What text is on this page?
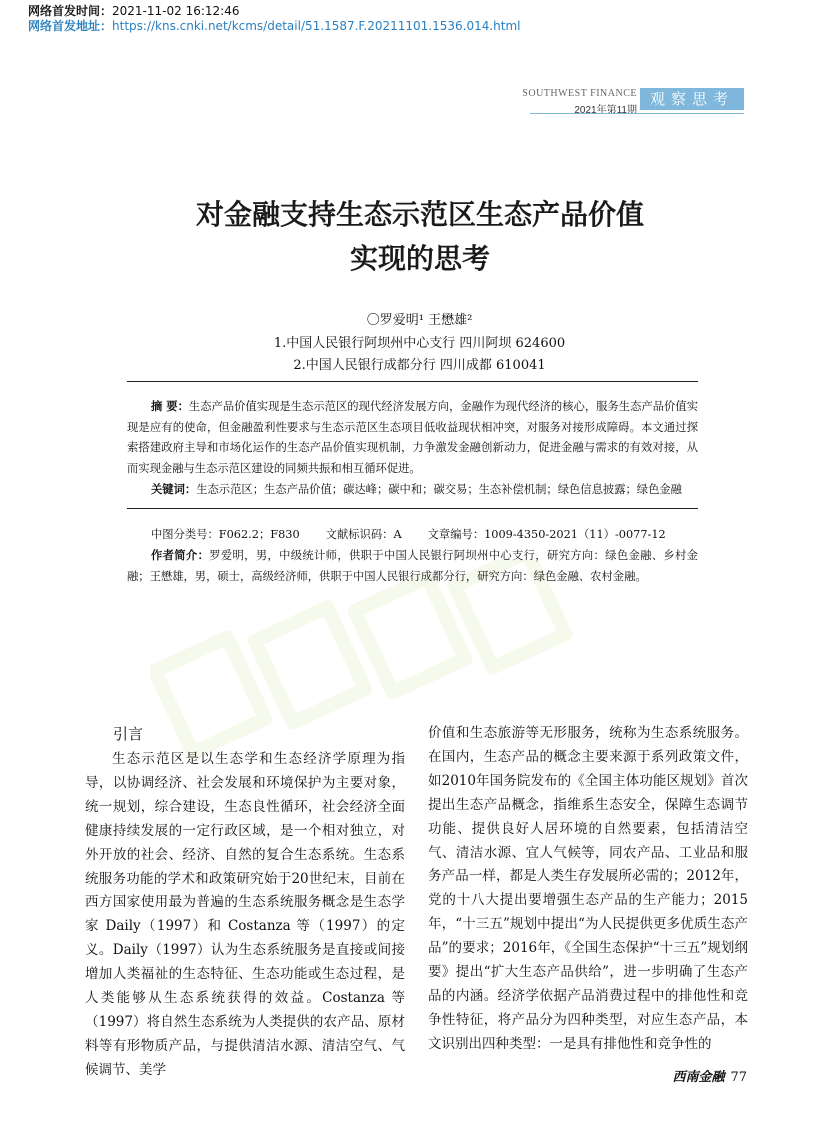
网络首发时间：2021-11-02 16:12:46
网络首发地址：https://kns.cnki.net/kcms/detail/51.1587.F.20211101.1536.014.html
SOUTHWEST FINANCE
2021年第11期
观察思考
对金融支持生态示范区生态产品价值
实现的思考
〇罗爱明¹ 王懋雄²
1.中国人民银行阿坝州中心支行 四川阿坝 624600
2.中国人民银行成都分行 四川成都 610041
摘 要：生态产品价值实现是生态示范区的现代经济发展方向，金融作为现代经济的核心，服务生态产品价值实现是应有的使命，但金融盈利性要求与生态示范区生态项目低收益现状相冲突，对服务对接形成障碍。本文通过探索搭建政府主导和市场化运作的生态产品价值实现机制，力争激发金融创新动力，促进金融与需求的有效对接，从而实现金融与生态示范区建设的同频共振和相互循环促进。
关键词：生态示范区；生态产品价值；碳达峰；碳中和；碳交易；生态补偿机制；绿色信息披露；绿色金融
中图分类号：F062.2；F830 文献标识码：A 文章编号：1009-4350-2021（11）-0077-12
作者简介：罗爱明，男，中级统计师，供职于中国人民银行阿坝州中心支行，研究方向：绿色金融、乡村金融；王懋雄，男，硕士，高级经济师，供职于中国人民银行成都分行，研究方向：绿色金融、农村金融。
引言

生态示范区是以生态学和生态经济学原理为指导，以协调经济、社会发展和环境保护为主要对象，统一规划，综合建设，生态良性循环，社会经济全面健康持续发展的一定行政区域，是一个相对独立，对外开放的社会、经济、自然的复合生态系统。生态系统服务功能的学术和政策研究始于20世纪末，目前在西方国家使用最为普遍的生态系统服务概念是生态学家 Daily（1997）和 Costanza 等（1997）的定义。Daily（1997）认为生态系统服务是直接或间接增加人类福祉的生态特征、生态功能或生态过程，是人类能够从生态系统获得的效益。Costanza 等（1997）将自然生态系统为人类提供的农产品、原材料等有形物质产品，与提供清洁水源、清洁空气、气候调节、美学

价值和生态旅游等无形服务，统称为生态系统服务。在国内，生态产品的概念主要来源于系列政策文件，如2010年国务院发布的《全国主体功能区规划》首次提出生态产品概念，指维系生态安全，保障生态调节功能、提供良好人居环境的自然要素，包括清洁空气、清洁水源、宜人气候等，同农产品、工业品和服务产品一样，都是人类生存发展所必需的；2012年，党的十八大提出要增强生态产品的生产能力；2015年，“十三五”规划中提出“为人民提供更多优质生态产品”的要求；2016年，《全国生态保护“十三五”规划纲要》提出“扩大生态产品供给”，进一步明确了生态产品的内涵。经济学依据产品消费过程中的排他性和竞争性特征，将产品分为四种类型，对应生态产品，本文识别出四种类型：一是具有排他性和竞争性的

西南金融 77
